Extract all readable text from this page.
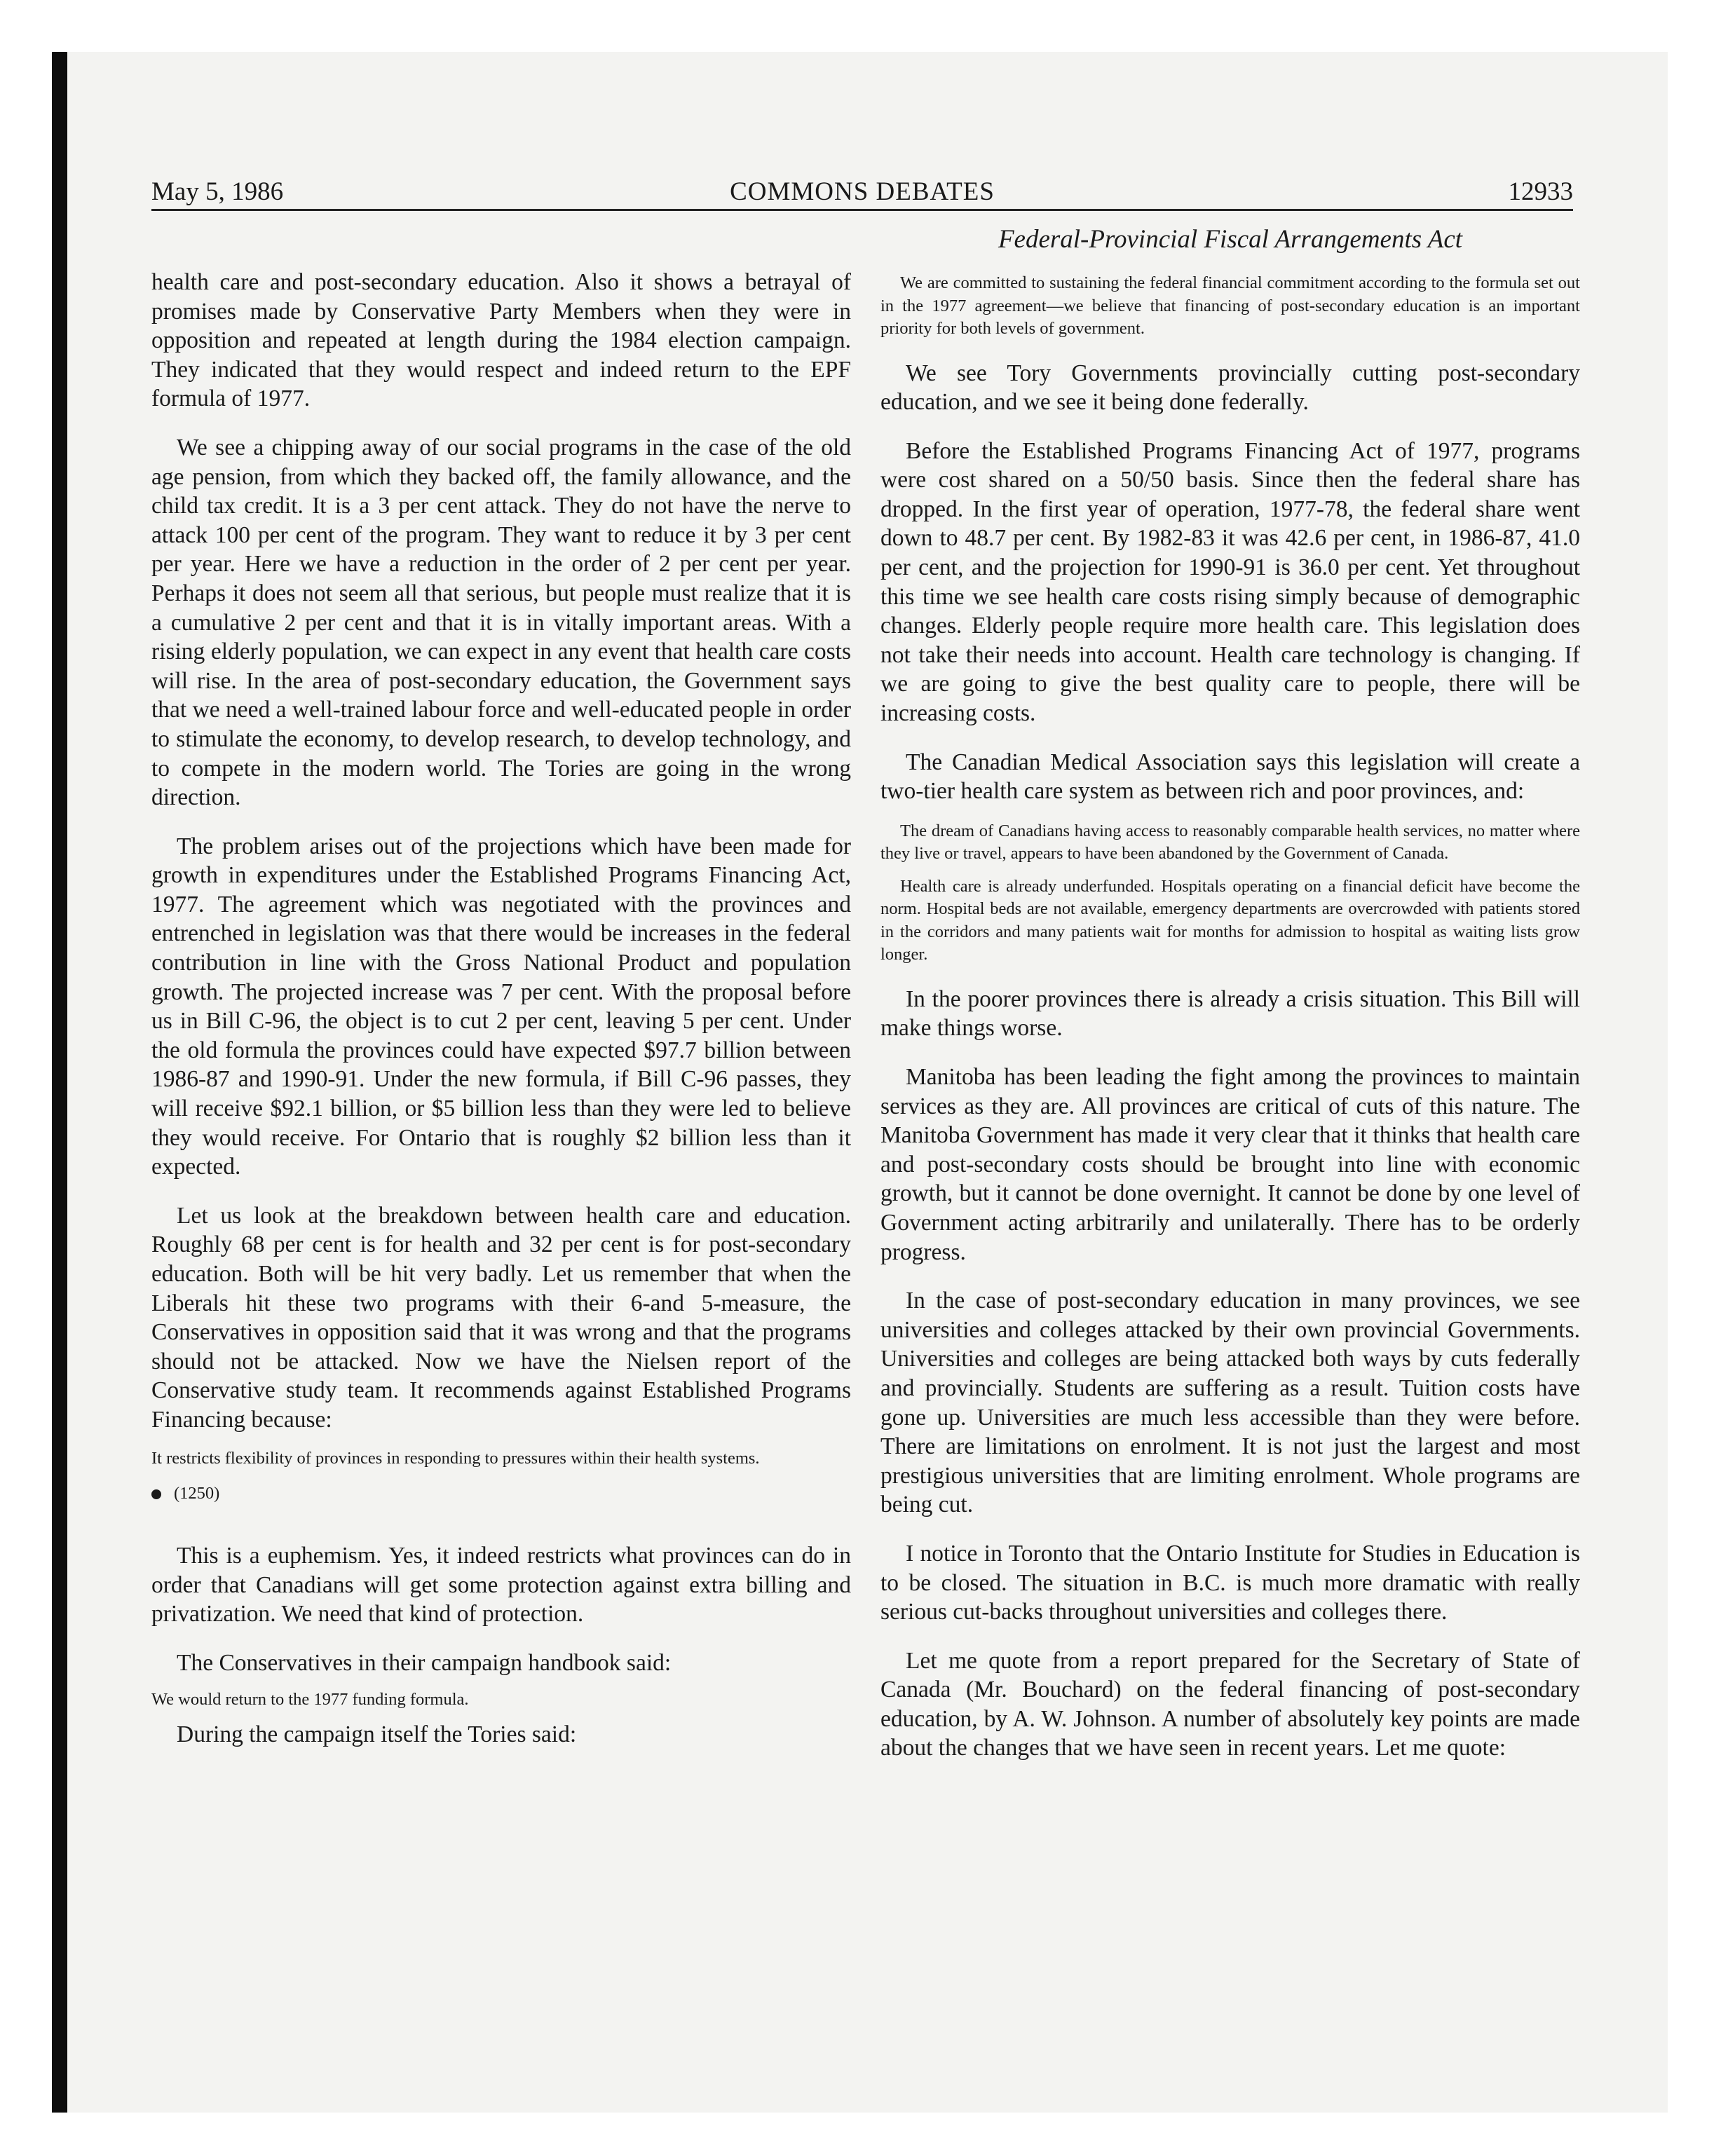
May 5, 1986	COMMONS DEBATES	12933

health care and post-secondary education. Also it shows a betrayal of promises made by Conservative Party Members when they were in opposition and repeated at length during the 1984 election campaign. They indicated that they would respect and indeed return to the EPF formula of 1977.

We see a chipping away of our social programs in the case of the old age pension, from which they backed off, the family allowance, and the child tax credit. It is a 3 per cent attack. They do not have the nerve to attack 100 per cent of the program. They want to reduce it by 3 per cent per year. Here we have a reduction in the order of 2 per cent per year. Perhaps it does not seem all that serious, but people must realize that it is a cumulative 2 per cent and that it is in vitally important areas. With a rising elderly population, we can expect in any event that health care costs will rise. In the area of post-secondary education, the Government says that we need a well-trained labour force and well-educated people in order to stimulate the economy, to develop research, to develop technology, and to compete in the modern world. The Tories are going in the wrong direction.

The problem arises out of the projections which have been made for growth in expenditures under the Established Programs Financing Act, 1977. The agreement which was negotiated with the provinces and entrenched in legislation was that there would be increases in the federal contribution in line with the Gross National Product and population growth. The projected increase was 7 per cent. With the proposal before us in Bill C-96, the object is to cut 2 per cent, leaving 5 per cent. Under the old formula the provinces could have expected $97.7 billion between 1986-87 and 1990-91. Under the new formula, if Bill C-96 passes, they will receive $92.1 billion, or $5 billion less than they were led to believe they would receive. For Ontario that is roughly $2 billion less than it expected.

Let us look at the breakdown between health care and education. Roughly 68 per cent is for health and 32 per cent is for post-secondary education. Both will be hit very badly. Let us remember that when the Liberals hit these two programs with their 6-and 5-measure, the Conservatives in opposition said that it was wrong and that the programs should not be attacked. Now we have the Nielsen report of the Conservative study team. It recommends against Established Programs Financing because:

It restricts flexibility of provinces in responding to pressures within their health systems.

(1250)

This is a euphemism. Yes, it indeed restricts what provinces can do in order that Canadians will get some protection against extra billing and privatization. We need that kind of protection.

The Conservatives in their campaign handbook said:

We would return to the 1977 funding formula.

During the campaign itself the Tories said:

Federal-Provincial Fiscal Arrangements Act

We are committed to sustaining the federal financial commitment according to the formula set out in the 1977 agreement—we believe that financing of post-secondary education is an important priority for both levels of government.

We see Tory Governments provincially cutting post-secondary education, and we see it being done federally.

Before the Established Programs Financing Act of 1977, programs were cost shared on a 50/50 basis. Since then the federal share has dropped. In the first year of operation, 1977-78, the federal share went down to 48.7 per cent. By 1982-83 it was 42.6 per cent, in 1986-87, 41.0 per cent, and the projection for 1990-91 is 36.0 per cent. Yet throughout this time we see health care costs rising simply because of demographic changes. Elderly people require more health care. This legislation does not take their needs into account. Health care technology is changing. If we are going to give the best quality care to people, there will be increasing costs.

The Canadian Medical Association says this legislation will create a two-tier health care system as between rich and poor provinces, and:

The dream of Canadians having access to reasonably comparable health services, no matter where they live or travel, appears to have been abandoned by the Government of Canada.

Health care is already underfunded. Hospitals operating on a financial deficit have become the norm. Hospital beds are not available, emergency departments are overcrowded with patients stored in the corridors and many patients wait for months for admission to hospital as waiting lists grow longer.

In the poorer provinces there is already a crisis situation. This Bill will make things worse.

Manitoba has been leading the fight among the provinces to maintain services as they are. All provinces are critical of cuts of this nature. The Manitoba Government has made it very clear that it thinks that health care and post-secondary costs should be brought into line with economic growth, but it cannot be done overnight. It cannot be done by one level of Government acting arbitrarily and unilaterally. There has to be orderly progress.

In the case of post-secondary education in many provinces, we see universities and colleges attacked by their own provincial Governments. Universities and colleges are being attacked both ways by cuts federally and provincially. Students are suffering as a result. Tuition costs have gone up. Universities are much less accessible than they were before. There are limitations on enrolment. It is not just the largest and most prestigious universities that are limiting enrolment. Whole programs are being cut.

I notice in Toronto that the Ontario Institute for Studies in Education is to be closed. The situation in B.C. is much more dramatic with really serious cut-backs throughout universities and colleges there.

Let me quote from a report prepared for the Secretary of State of Canada (Mr. Bouchard) on the federal financing of post-secondary education, by A. W. Johnson. A number of absolutely key points are made about the changes that we have seen in recent years. Let me quote:
